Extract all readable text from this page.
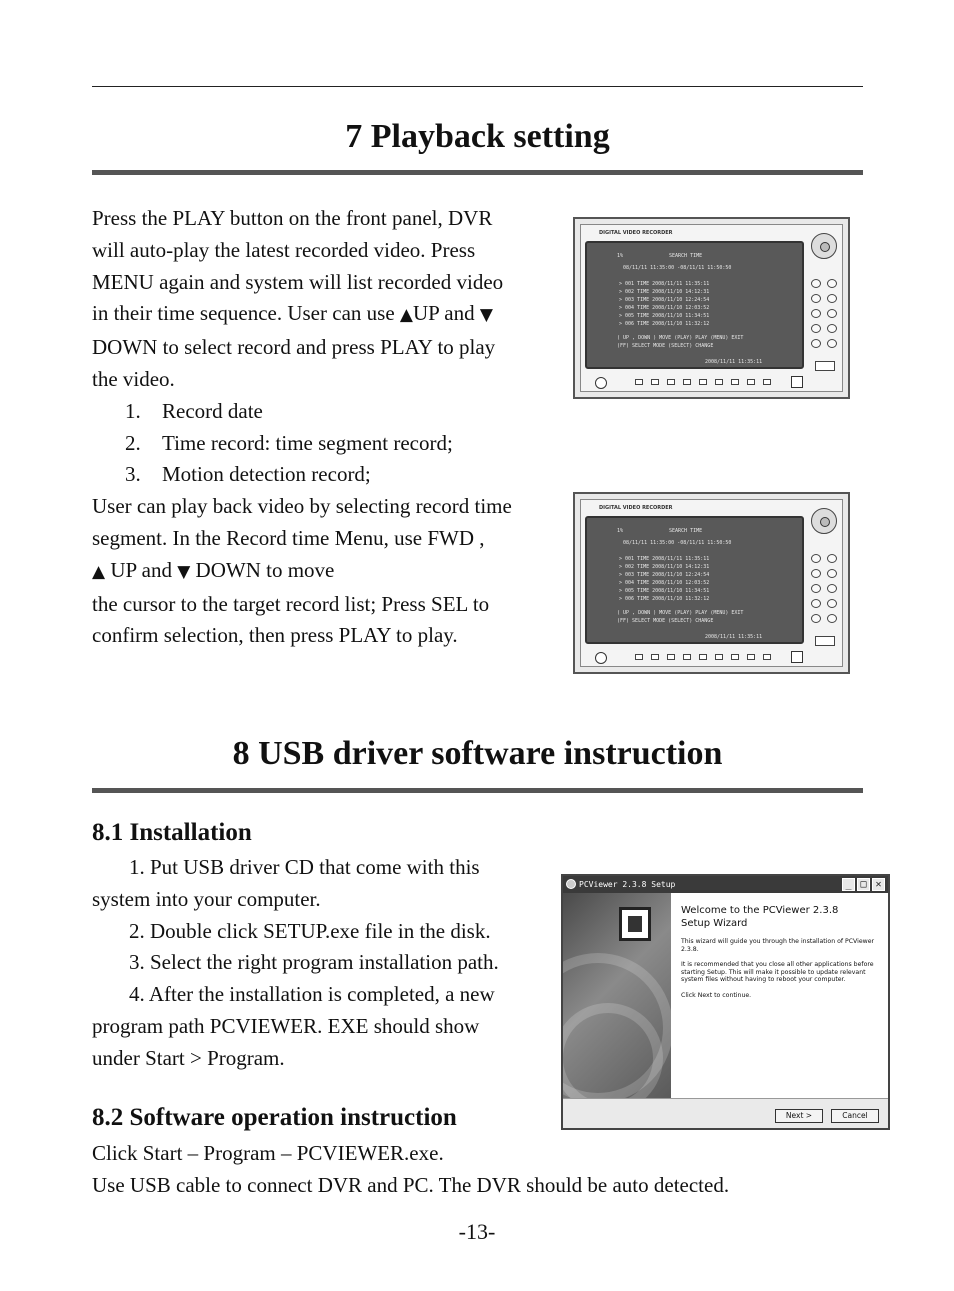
7 Playback setting
Press the PLAY button on the front panel, DVR
will auto-play the latest recorded video. Press
MENU again and system will list recorded video
in their time sequence. User can use ▲UP and ▼
DOWN to select record and press PLAY to play
the video.
1. Record date
2. Time record: time segment record;
3. Motion detection record;
User can play back video by selecting record time
segment. In the Record time Menu, use FWD ,
▲ UP and ▼ DOWN to move
the cursor to the target record list; Press SEL to
confirm selection, then press PLAY to play.
DIGITAL VIDEO RECORDER
1%	SEARCH TIME
08/11/11 11:35:00 -08/11/11 11:50:50
> 001 TIME 2008/11/11 11:35:11
> 002 TIME 2008/11/10 14:12:31
> 003 TIME 2008/11/10 12:24:54
> 004 TIME 2008/11/10 12:03:52
> 005 TIME 2008/11/10 11:34:51
> 006 TIME 2008/11/10 11:32:12
( UP , DOWN ) MOVE (PLAY) PLAY (MENU) EXIT
(FF) SELECT MODE (SELECT) CHANGE
2008/11/11 11:35:11
DIGITAL VIDEO RECORDER
1%	SEARCH TIME
08/11/11 11:35:00 -08/11/11 11:50:50
> 001 TIME 2008/11/11 11:35:11
> 002 TIME 2008/11/10 14:12:31
> 003 TIME 2008/11/10 12:24:54
> 004 TIME 2008/11/10 12:03:52
> 005 TIME 2008/11/10 11:34:51
> 006 TIME 2008/11/10 11:32:12
( UP , DOWN ) MOVE (PLAY) PLAY (MENU) EXIT
(FF) SELECT MODE (SELECT) CHANGE
2008/11/11 11:35:11
8 USB driver software instruction
8.1 Installation
1. Put USB driver CD that come with this
system into your computer.
2. Double click SETUP.exe file in the disk.
3. Select the right program installation path.
4. After the installation is completed, a new
program path PCVIEWER. EXE should show
under Start > Program.
8.2 Software operation instruction
Click Start – Program – PCVIEWER.exe.
Use USB cable to connect DVR and PC. The DVR should be auto detected.
PCViewer 2.3.8 Setup	_ □ ✕
Welcome to the PCViewer 2.3.8
Setup Wizard
This wizard will guide you through the installation of PCViewer 2.3.8.
It is recommended that you close all other applications before starting Setup. This will make it possible to update relevant system files without having to reboot your computer.
Click Next to continue.
Next >	Cancel
-13-
